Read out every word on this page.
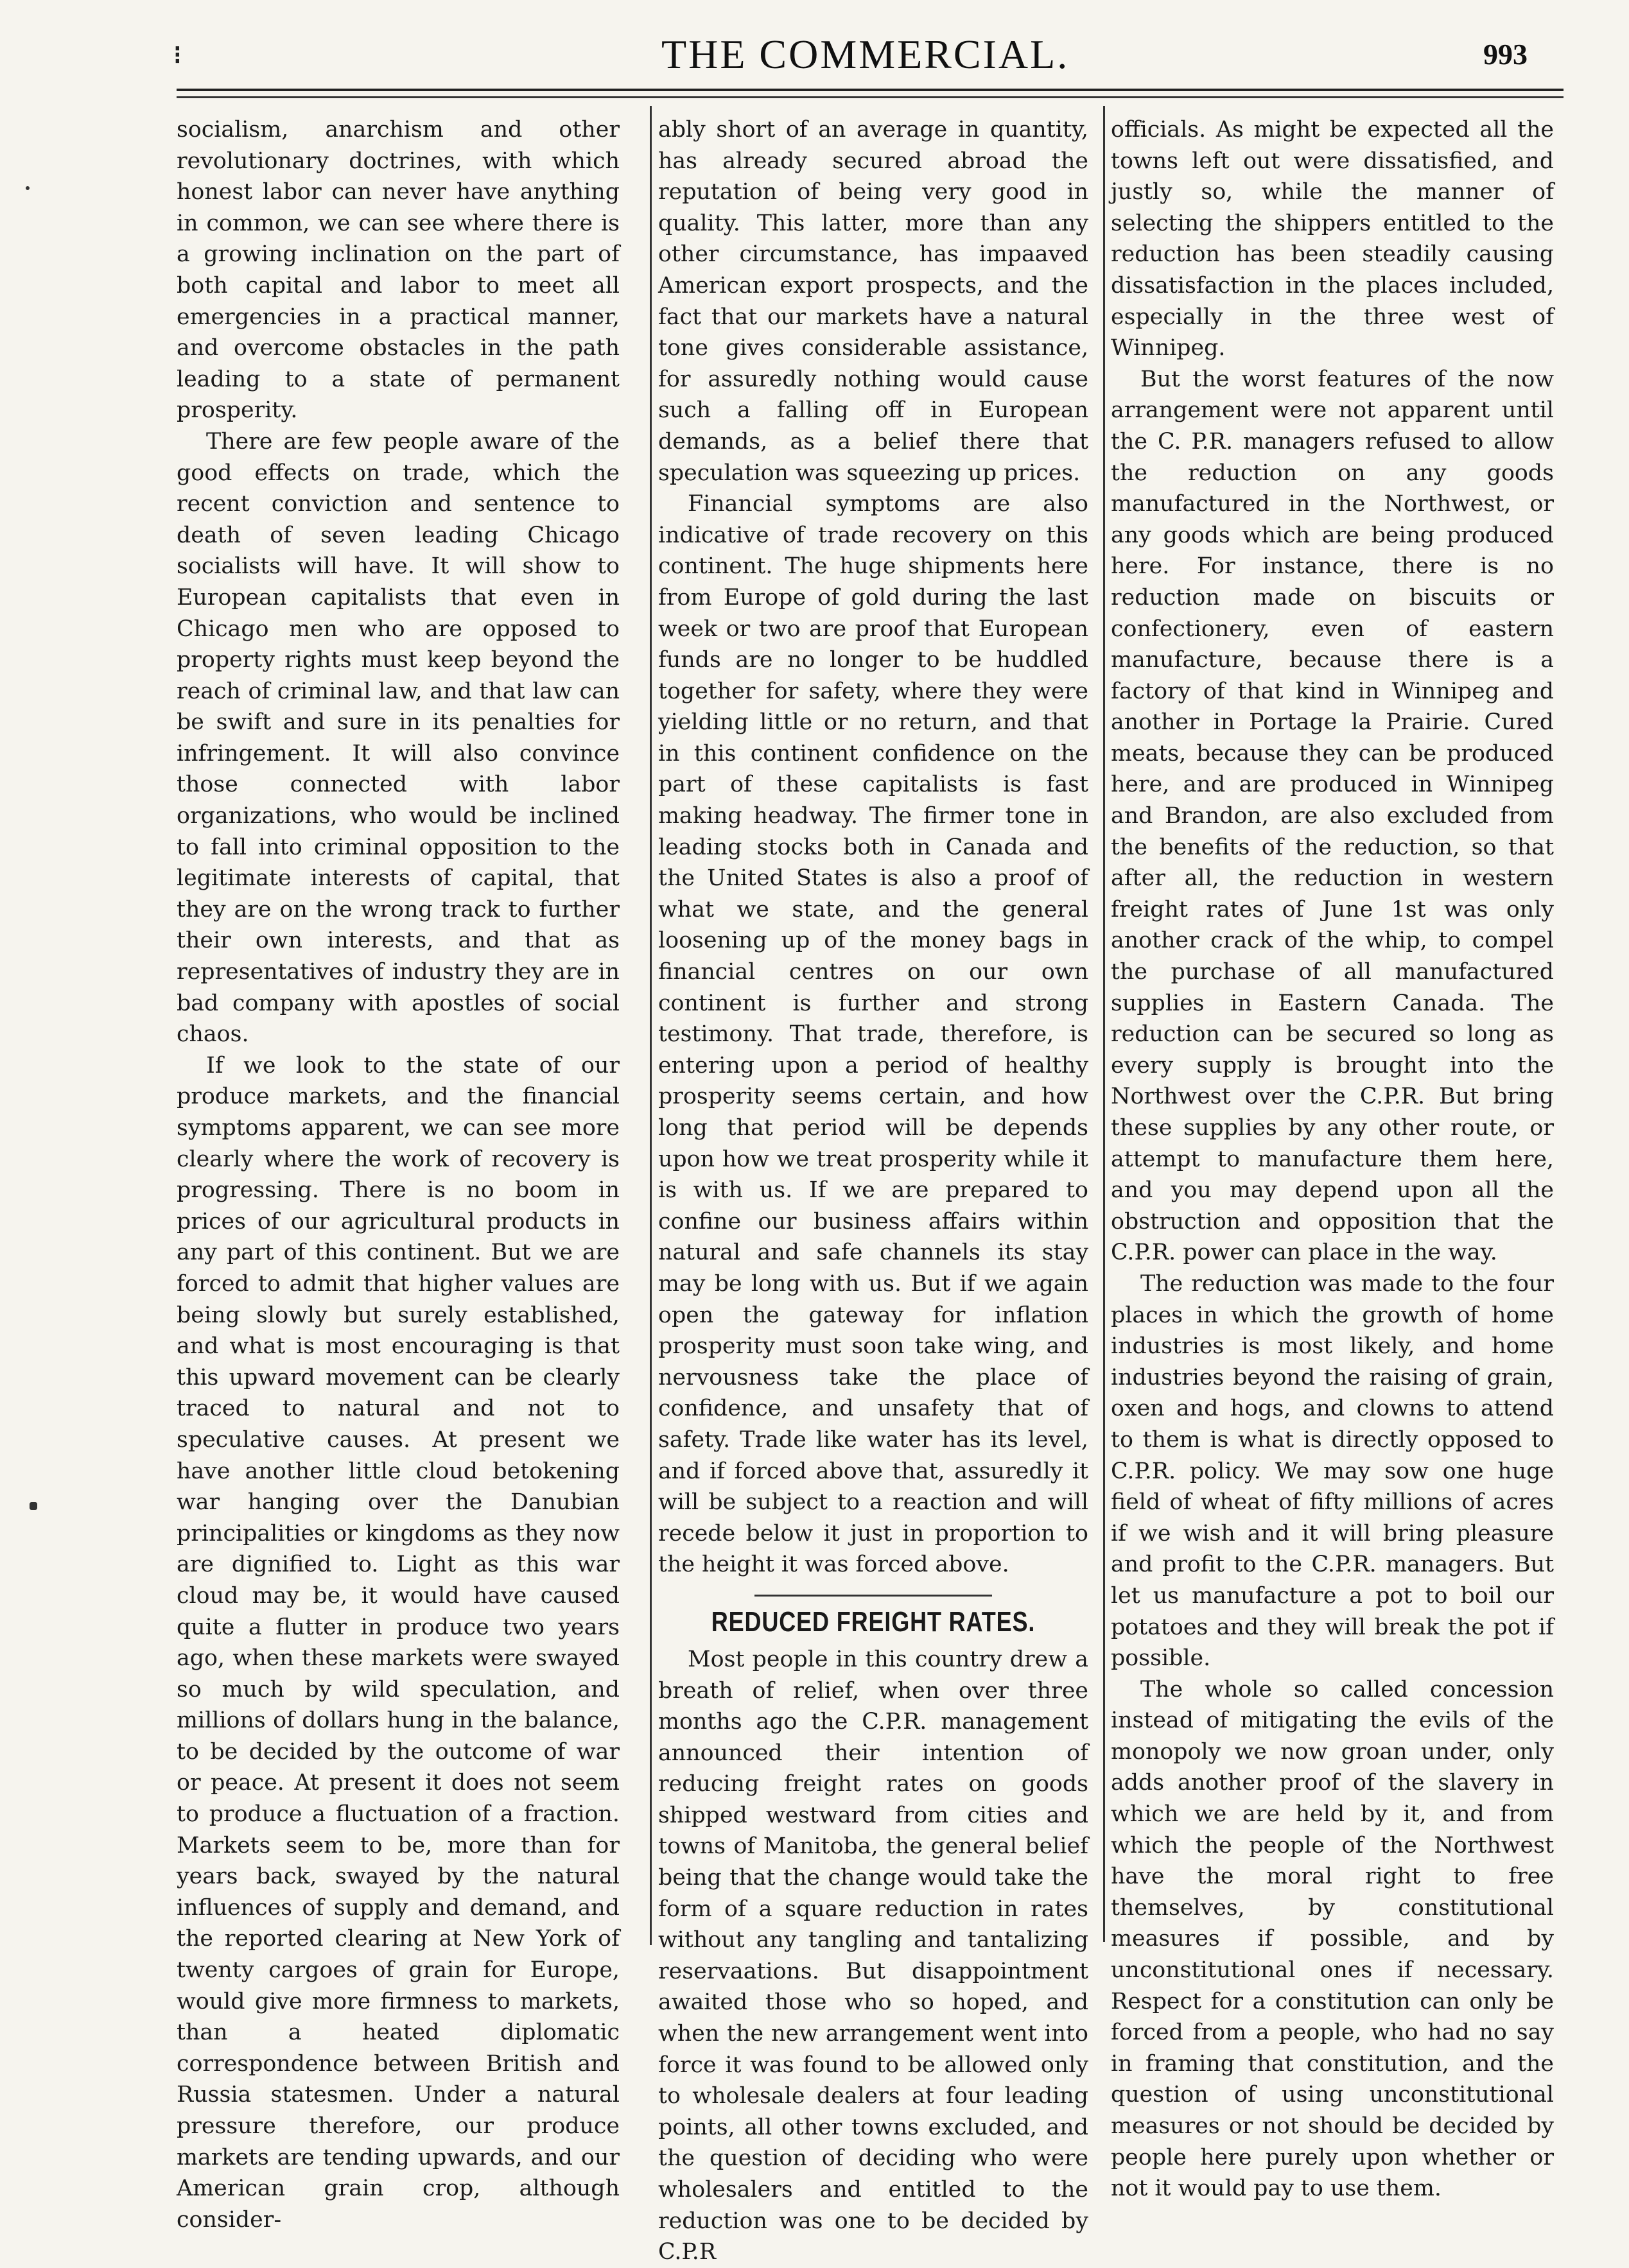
⁝	THE COMMERCIAL.	993

socialism, anarchism and other revolutionary doctrines, with which honest labor can never have anything in common, we can see where there is a growing inclination on the part of both capital and labor to meet all emergencies in a practical manner, and overcome obstacles in the path leading to a state of permanent prosperity.

There are few people aware of the good effects on trade, which the recent conviction and sentence to death of seven leading Chicago socialists will have. It will show to European capitalists that even in Chicago men who are opposed to property rights must keep beyond the reach of criminal law, and that law can be swift and sure in its penalties for infringement. It will also convince those connected with labor organizations, who would be inclined to fall into criminal opposition to the legitimate interests of capital, that they are on the wrong track to further their own interests, and that as representatives of industry they are in bad company with apostles of social chaos.

If we look to the state of our produce markets, and the financial symptoms apparent, we can see more clearly where the work of recovery is progressing. There is no boom in prices of our agricultural products in any part of this continent. But we are forced to admit that higher values are being slowly but surely established, and what is most encouraging is that this upward movement can be clearly traced to natural and not to speculative causes. At present we have another little cloud betokening war hanging over the Danubian principalities or kingdoms as they now are dignified to. Light as this war cloud may be, it would have caused quite a flutter in produce two years ago, when these markets were swayed so much by wild speculation, and millions of dollars hung in the balance, to be decided by the outcome of war or peace. At present it does not seem to produce a fluctuation of a fraction. Markets seem to be, more than for years back, swayed by the natural influences of supply and demand, and the reported clearing at New York of twenty cargoes of grain for Europe, would give more firmness to markets, than a heated diplomatic correspondence between British and Russia statesmen. Under a natural pressure therefore, our produce markets are tending upwards, and our American grain crop, although consider-

ably short of an average in quantity, has already secured abroad the reputation of being very good in quality. This latter, more than any other circumstance, has impaaved American export prospects, and the fact that our markets have a natural tone gives considerable assistance, for assuredly nothing would cause such a falling off in European demands, as a belief there that speculation was squeezing up prices.

Financial symptoms are also indicative of trade recovery on this continent. The huge shipments here from Europe of gold during the last week or two are proof that European funds are no longer to be huddled together for safety, where they were yielding little or no return, and that in this continent confidence on the part of these capitalists is fast making headway. The firmer tone in leading stocks both in Canada and the United States is also a proof of what we state, and the general loosening up of the money bags in financial centres on our own continent is further and strong testimony. That trade, therefore, is entering upon a period of healthy prosperity seems certain, and how long that period will be depends upon how we treat prosperity while it is with us. If we are prepared to confine our business affairs within natural and safe channels its stay may be long with us. But if we again open the gateway for inflation prosperity must soon take wing, and nervousness take the place of confidence, and unsafety that of safety. Trade like water has its level, and if forced above that, assuredly it will be subject to a reaction and will recede below it just in proportion to the height it was forced above.

REDUCED FREIGHT RATES.

Most people in this country drew a breath of relief, when over three months ago the C.P.R. management announced their intention of reducing freight rates on goods shipped westward from cities and towns of Manitoba, the general belief being that the change would take the form of a square reduction in rates without any tangling and tantalizing reservaations. But disappointment awaited those who so hoped, and when the new arrangement went into force it was found to be allowed only to wholesale dealers at four leading points, all other towns excluded, and the question of deciding who were wholesalers and entitled to the reduction was one to be decided by C.P.R

officials. As might be expected all the towns left out were dissatisfied, and justly so, while the manner of selecting the shippers entitled to the reduction has been steadily causing dissatisfaction in the places included, especially in the three west of Winnipeg.

But the worst features of the now arrangement were not apparent until the C. P.R. managers refused to allow the reduction on any goods manufactured in the Northwest, or any goods which are being produced here. For instance, there is no reduction made on biscuits or confectionery, even of eastern manufacture, because there is a factory of that kind in Winnipeg and another in Portage la Prairie. Cured meats, because they can be produced here, and are produced in Winnipeg and Brandon, are also excluded from the benefits of the reduction, so that after all, the reduction in western freight rates of June 1st was only another crack of the whip, to compel the purchase of all manufactured supplies in Eastern Canada. The reduction can be secured so long as every supply is brought into the Northwest over the C.P.R. But bring these supplies by any other route, or attempt to manufacture them here, and you may depend upon all the obstruction and opposition that the C.P.R. power can place in the way.

The reduction was made to the four places in which the growth of home industries is most likely, and home industries beyond the raising of grain, oxen and hogs, and clowns to attend to them is what is directly opposed to C.P.R. policy. We may sow one huge field of wheat of fifty millions of acres if we wish and it will bring pleasure and profit to the C.P.R. managers. But let us manufacture a pot to boil our potatoes and they will break the pot if possible.

The whole so called concession instead of mitigating the evils of the monopoly we now groan under, only adds another proof of the slavery in which we are held by it, and from which the people of the Northwest have the moral right to free themselves, by constitutional measures if possible, and by unconstitutional ones if necessary. Respect for a constitution can only be forced from a people, who had no say in framing that constitution, and the question of using unconstitutional measures or not should be decided by people here purely upon whether or not it would pay to use them.
